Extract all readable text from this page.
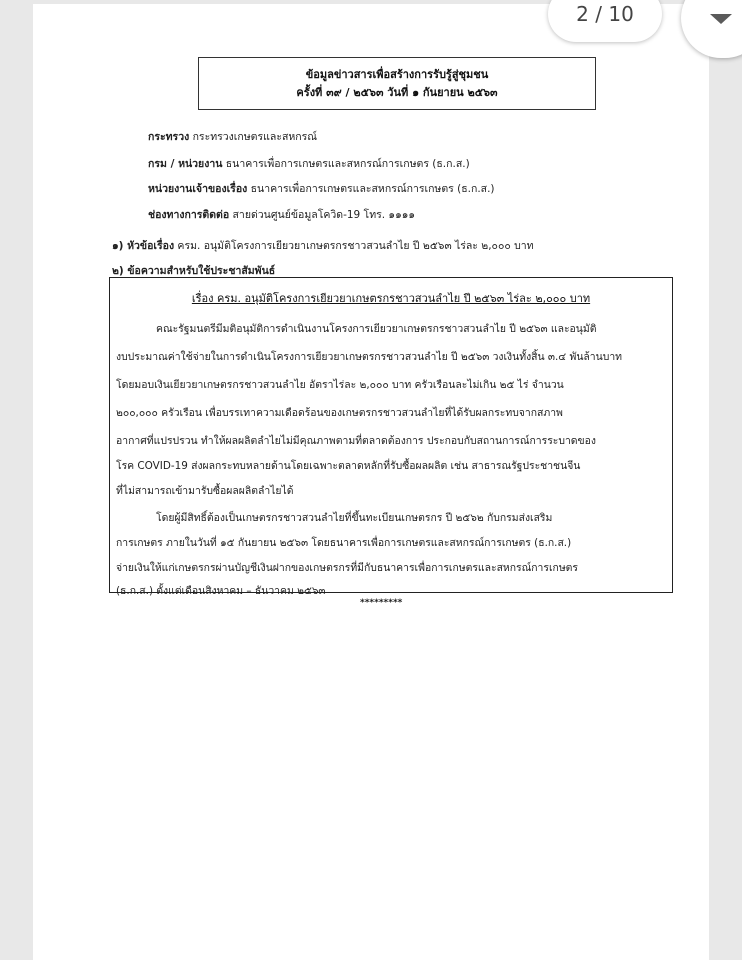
ข้อมูลข่าวสารเพื่อสร้างการรับรู้สู่ชุมชน
ครั้งที่ ๓๙ / ๒๕๖๓ วันที่ ๑ กันยายน ๒๕๖๓
กระทรวง กระทรวงเกษตรและสหกรณ์
กรม / หน่วยงาน ธนาคารเพื่อการเกษตรและสหกรณ์การเกษตร (ธ.ก.ส.)
หน่วยงานเจ้าของเรื่อง ธนาคารเพื่อการเกษตรและสหกรณ์การเกษตร (ธ.ก.ส.)
ช่องทางการติดต่อ สายด่วนศูนย์ข้อมูลโควิด-19 โทร. ๑๑๑๑
๑) หัวข้อเรื่อง ครม. อนุมัติโครงการเยียวยาเกษตรกรชาวสวนลำไย ปี ๒๕๖๓ ไร่ละ ๒,๐๐๐ บาท
๒) ข้อความสำหรับใช้ประชาสัมพันธ์
เรื่อง ครม. อนุมัติโครงการเยียวยาเกษตรกรชาวสวนลำไย ปี ๒๕๖๓ ไร่ละ ๒,๐๐๐ บาท
คณะรัฐมนตรีมีมติอนุมัติการดำเนินงานโครงการเยียวยาเกษตรกรชาวสวนลำไย ปี ๒๕๖๓ และอนุมัติ
งบประมาณค่าใช้จ่ายในการดำเนินโครงการเยียวยาเกษตรกรชาวสวนลำไย ปี ๒๕๖๓ วงเงินทั้งสิ้น ๓.๔ พันล้านบาท
โดยมอบเงินเยียวยาเกษตรกรชาวสวนลำไย อัตราไร่ละ ๒,๐๐๐ บาท ครัวเรือนละไม่เกิน ๒๕ ไร่ จำนวน
๒๐๐,๐๐๐ ครัวเรือน เพื่อบรรเทาความเดือดร้อนของเกษตรกรชาวสวนลำไยที่ได้รับผลกระทบจากสภาพ
อากาศที่แปรปรวน ทำให้ผลผลิตลำไยไม่มีคุณภาพตามที่ตลาดต้องการ ประกอบกับสถานการณ์การระบาดของ
โรค COVID-19 ส่งผลกระทบหลายด้านโดยเฉพาะตลาดหลักที่รับซื้อผลผลิต เช่น สาธารณรัฐประชาชนจีน
ที่ไม่สามารถเข้ามารับซื้อผลผลิตลำไยได้
โดยผู้มีสิทธิ์ต้องเป็นเกษตรกรชาวสวนลำไยที่ขึ้นทะเบียนเกษตรกร ปี ๒๕๖๒ กับกรมส่งเสริม
การเกษตร ภายในวันที่ ๑๕ กันยายน ๒๕๖๓ โดยธนาคารเพื่อการเกษตรและสหกรณ์การเกษตร (ธ.ก.ส.)
จ่ายเงินให้แก่เกษตรกรผ่านบัญชีเงินฝากของเกษตรกรที่มีกับธนาคารเพื่อการเกษตรและสหกรณ์การเกษตร
(ธ.ก.ส.) ตั้งแต่เดือนสิงหาคม – ธันวาคม ๒๕๖๓
*********
2 / 10
